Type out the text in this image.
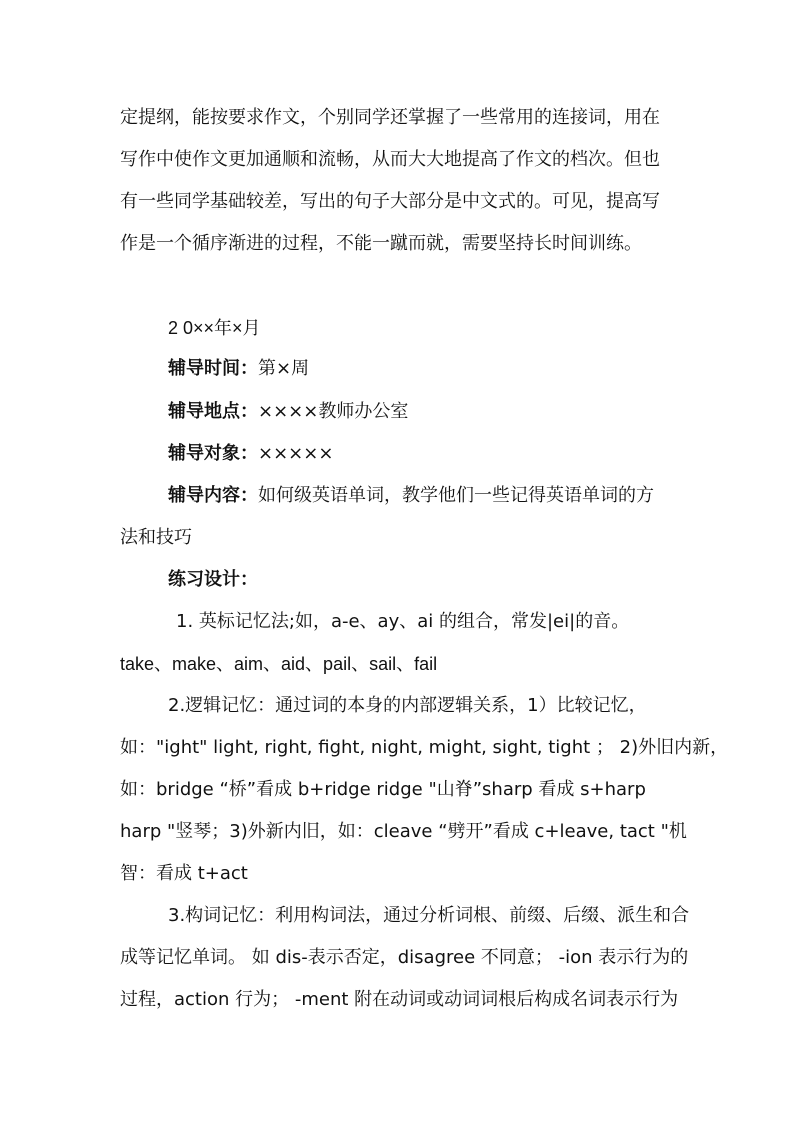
定提纲，能按要求作文，个别同学还掌握了一些常用的连接词，用在
写作中使作文更加通顺和流畅，从而大大地提高了作文的档次。但也
有一些同学基础较差，写出的句子大部分是中文式的。可见，提高写
作是一个循序渐进的过程，不能一蹴而就，需要坚持长时间训练。
2 0××年×月
辅导时间：第×周
辅导地点：××××教师办公室
辅导对象：×××××
辅导内容：如何级英语单词，教学他们一些记得英语单词的方
法和技巧
练习设计：
1. 英标记忆法;如，a-e、ay、ai 的组合，常发|ei|的音。
take、make、aim、aid、pail、sail、fail
2.逻辑记忆：通过词的本身的内部逻辑关系，1）比较记忆，
如："ight" light, right, fight, night, might, sight, tight ； 2)外旧内新，
如：bridge “桥”看成 b+ridge ridge "山脊”sharp 看成 s+harp
harp "竖琴；3)外新内旧，如：cleave “劈开”看成 c+leave, tact "机
智：看成 t+act
3.构词记忆：利用构词法，通过分析词根、前缀、后缀、派生和合
成等记忆单词。 如 dis-表示否定，disagree 不同意； -ion 表示行为的
过程，action 行为； -ment 附在动词或动词词根后构成名词表示行为
